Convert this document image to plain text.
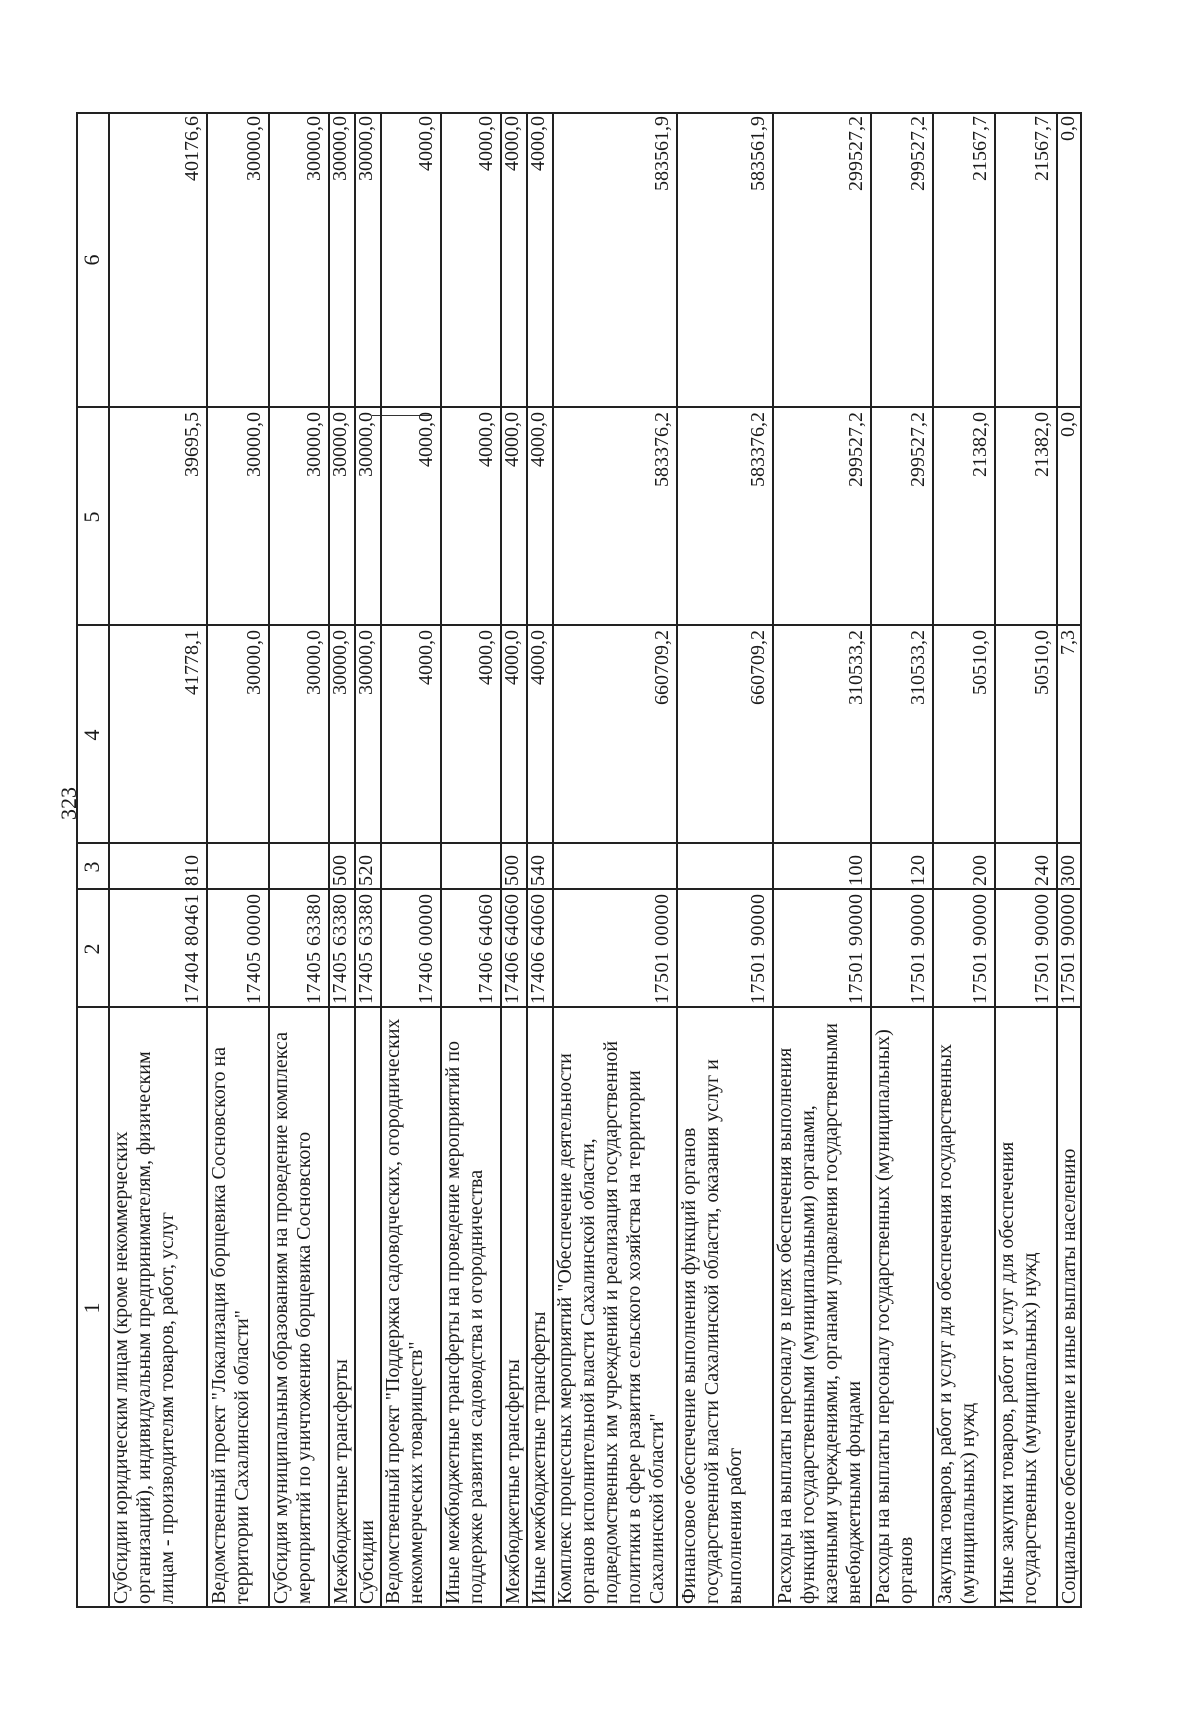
323
1
2
3
4
5
6
Субсидии юридическим лицам (кроме некоммерческих организаций), индивидуальным предпринимателям, физическим лицам - производителям товаров, работ, услуг
17404 80461
810
41778,1
39695,5
40176,6
Ведомственный проект "Локализация борщевика Сосновского на территории Сахалинской области"
17405 00000
30000,0
30000,0
30000,0
Субсидия муниципальным образованиям на проведение комплекса мероприятий по уничтожению борщевика Сосновского
17405 63380
30000,0
30000,0
30000,0
Межбюджетные трансферты
17405 63380
500
30000,0
30000,0
30000,0
Субсидии
17405 63380
520
30000,0
30000,0
30000,0
Ведомственный проект "Поддержка садоводческих, огороднических некоммерческих товариществ"
17406 00000
4000,0
4000,0
4000,0
Иные межбюджетные трансферты на проведение мероприятий по поддержке развития садоводства и огородничества
17406 64060
4000,0
4000,0
4000,0
Межбюджетные трансферты
17406 64060
500
4000,0
4000,0
4000,0
Иные межбюджетные трансферты
17406 64060
540
4000,0
4000,0
4000,0
Комплекс процессных мероприятий "Обеспечение деятельности органов исполнительной власти Сахалинской области, подведомственных им учреждений и реализация государственной политики в сфере развития сельского хозяйства на территории Сахалинской области"
17501 00000
660709,2
583376,2
583561,9
Финансовое обеспечение выполнения функций органов государственной власти Сахалинской области, оказания услуг и выполнения работ
17501 90000
660709,2
583376,2
583561,9
Расходы на выплаты персоналу в целях обеспечения выполнения функций государственными (муниципальными) органами, казенными учреждениями, органами управления государственными внебюджетными фондами
17501 90000
100
310533,2
299527,2
299527,2
Расходы на выплаты персоналу государственных (муниципальных) органов
17501 90000
120
310533,2
299527,2
299527,2
Закупка товаров, работ и услуг для обеспечения государственных (муниципальных) нужд
17501 90000
200
50510,0
21382,0
21567,7
Иные закупки товаров, работ и услуг для обеспечения государственных (муниципальных) нужд
17501 90000
240
50510,0
21382,0
21567,7
Социальное обеспечение и иные выплаты населению
17501 90000
300
7,3
0,0
0,0
